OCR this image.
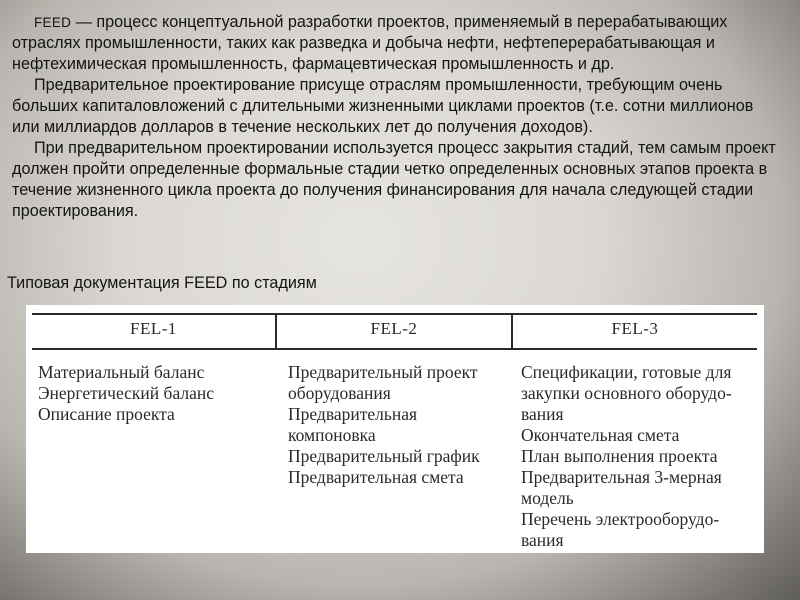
FEED — процесс концептуальной разработки проектов, применяемый в перерабатывающих отраслях промышленности, таких как разведка и добыча нефти, нефтеперерабатывающая и нефтехимическая промышленность, фармацевтическая промышленность и др.

Предварительное проектирование присуще отраслям промышленности, требующим очень больших капиталовложений с длительными жизненными циклами проектов (т.е. сотни миллионов или миллиардов долларов в течение нескольких лет до получения доходов).

При предварительном проектировании используется процесс закрытия стадий, тем самым проект должен пройти определенные формальные стадии четко определенных основных этапов проекта в течение жизненного цикла проекта до получения финансирования для начала следующей стадии проектирования.

Типовая документация FEED по стадиям
FEL-1	FEL-2	FEL-3
Материальный баланс
Энергетический баланс
Описание проекта
Предварительный проект
оборудования
Предварительная
компоновка
Предварительный график
Предварительная смета
Спецификации, готовые для
закупки основного оборудо-
вания
Окончательная смета
План выполнения проекта
Предварительная 3-мерная
модель
Перечень электрооборудо-
вания
